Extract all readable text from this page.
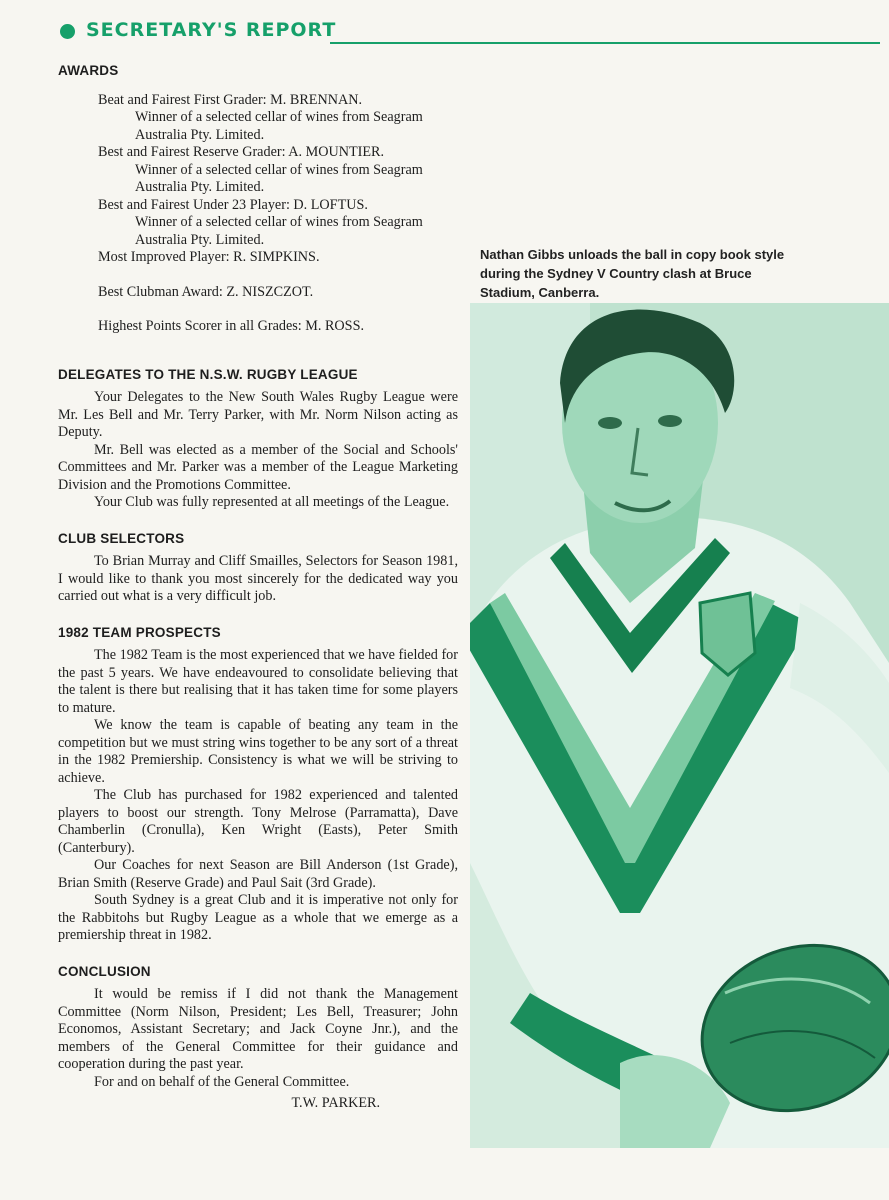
SECRETARY'S REPORT
AWARDS
Beat and Fairest First Grader: M. BRENNAN.
Winner of a selected cellar of wines from Seagram
Australia Pty. Limited.
Best and Fairest Reserve Grader: A. MOUNTIER.
Winner of a selected cellar of wines from Seagram
Australia Pty. Limited.
Best and Fairest Under 23 Player: D. LOFTUS.
Winner of a selected cellar of wines from Seagram
Australia Pty. Limited.
Most Improved Player: R. SIMPKINS.
Best Clubman Award: Z. NISZCZOT.
Highest Points Scorer in all Grades: M. ROSS.
DELEGATES TO THE N.S.W. RUGBY LEAGUE

Your Delegates to the New South Wales Rugby League were Mr. Les Bell and Mr. Terry Parker, with Mr. Norm Nilson acting as Deputy.

Mr. Bell was elected as a member of the Social and Schools' Committees and Mr. Parker was a member of the League Marketing Division and the Promotions Committee.

Your Club was fully represented at all meetings of the League.

CLUB SELECTORS

To Brian Murray and Cliff Smailles, Selectors for Season 1981, I would like to thank you most sincerely for the dedicated way you carried out what is a very difficult job.

1982 TEAM PROSPECTS

The 1982 Team is the most experienced that we have fielded for the past 5 years. We have endeavoured to consolidate believing that the talent is there but realising that it has taken time for some players to mature.

We know the team is capable of beating any team in the competition but we must string wins together to be any sort of a threat in the 1982 Premiership. Consistency is what we will be striving to achieve.

The Club has purchased for 1982 experienced and talented players to boost our strength. Tony Melrose (Parramatta), Dave Chamberlin (Cronulla), Ken Wright (Easts), Peter Smith (Canterbury).

Our Coaches for next Season are Bill Anderson (1st Grade), Brian Smith (Reserve Grade) and Paul Sait (3rd Grade).

South Sydney is a great Club and it is imperative not only for the Rabbitohs but Rugby League as a whole that we emerge as a premiership threat in 1982.

CONCLUSION

It would be remiss if I did not thank the Management Committee (Norm Nilson, President; Les Bell, Treasurer; John Economos, Assistant Secretary; and Jack Coyne Jnr.), and the members of the General Committee for their guidance and cooperation during the past year.

For and on behalf of the General Committee.

T.W. PARKER.
Nathan Gibbs unloads the ball in copy book style during the Sydney V Country clash at Bruce Stadium, Canberra.
